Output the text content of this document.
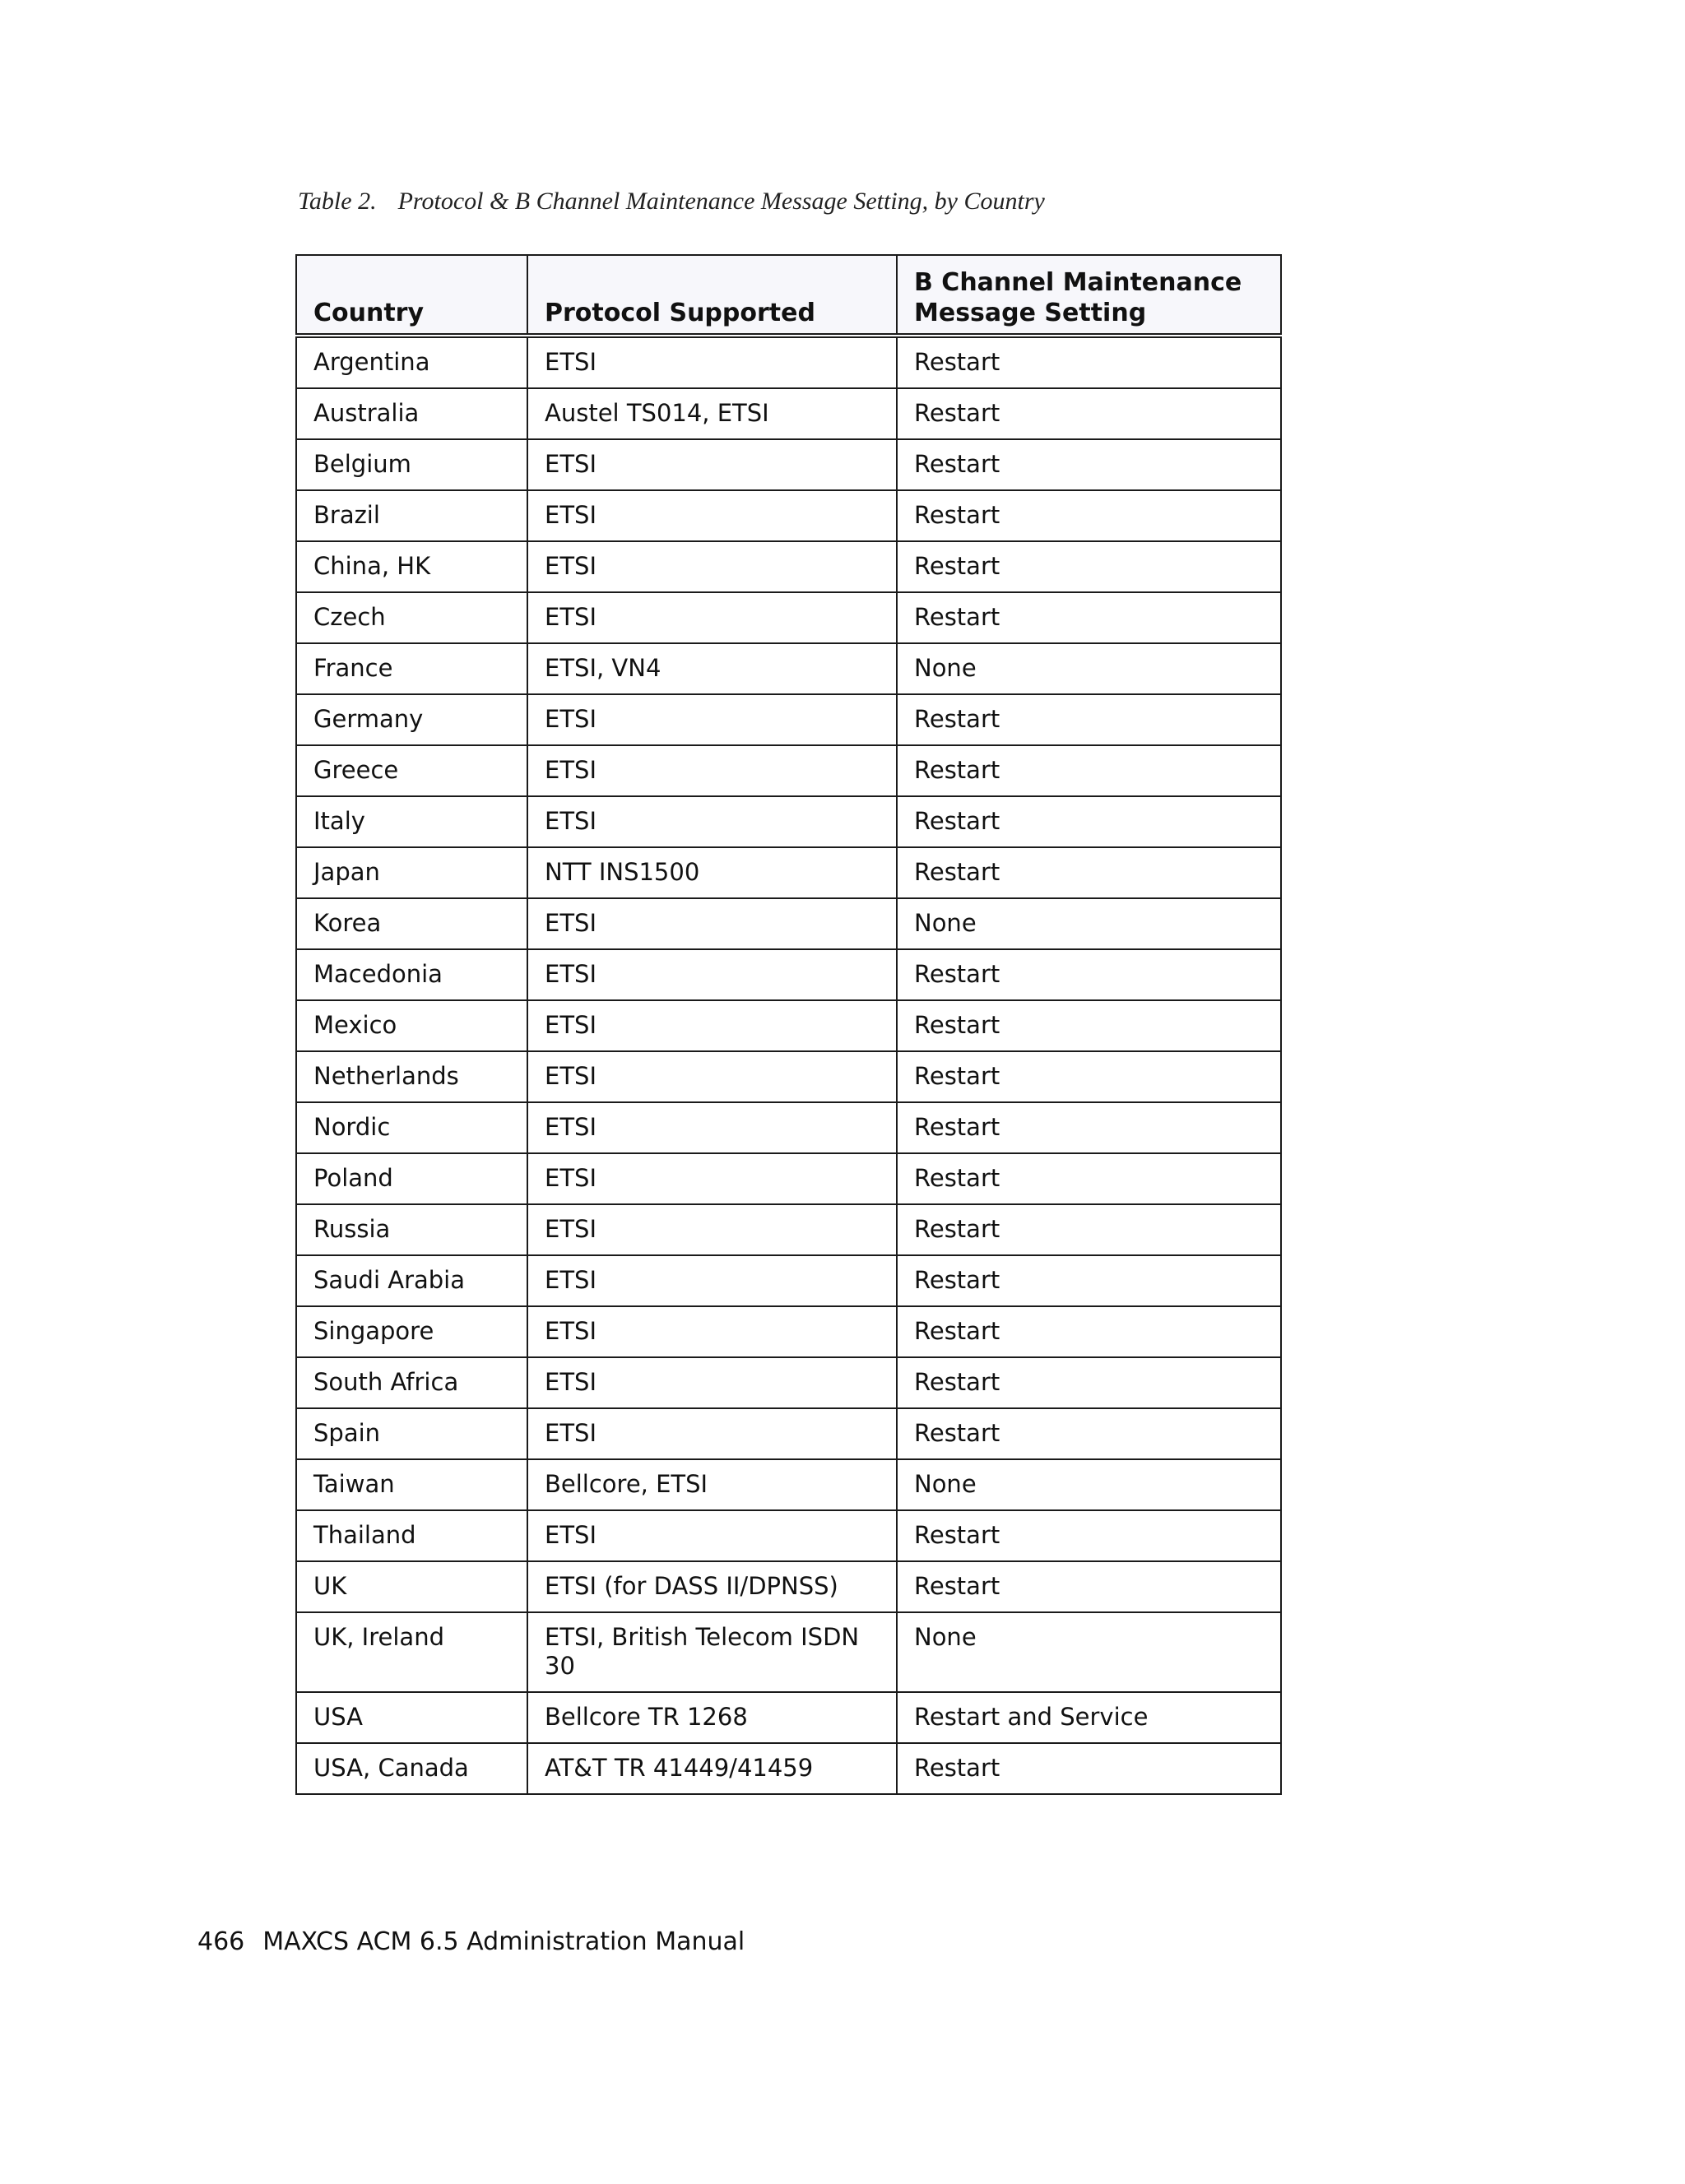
Table 2. Protocol & B Channel Maintenance Message Setting, by Country
Country	Protocol Supported	B Channel Maintenance Message Setting
Argentina	ETSI	Restart
Australia	Austel TS014, ETSI	Restart
Belgium	ETSI	Restart
Brazil	ETSI	Restart
China, HK	ETSI	Restart
Czech	ETSI	Restart
France	ETSI, VN4	None
Germany	ETSI	Restart
Greece	ETSI	Restart
Italy	ETSI	Restart
Japan	NTT INS1500	Restart
Korea	ETSI	None
Macedonia	ETSI	Restart
Mexico	ETSI	Restart
Netherlands	ETSI	Restart
Nordic	ETSI	Restart
Poland	ETSI	Restart
Russia	ETSI	Restart
Saudi Arabia	ETSI	Restart
Singapore	ETSI	Restart
South Africa	ETSI	Restart
Spain	ETSI	Restart
Taiwan	Bellcore, ETSI	None
Thailand	ETSI	Restart
UK	ETSI (for DASS II/DPNSS)	Restart
UK, Ireland	ETSI, British Telecom ISDN 30	None
USA	Bellcore TR 1268	Restart and Service
USA, Canada	AT&T TR 41449/41459	Restart
466 MAXCS ACM 6.5 Administration Manual
